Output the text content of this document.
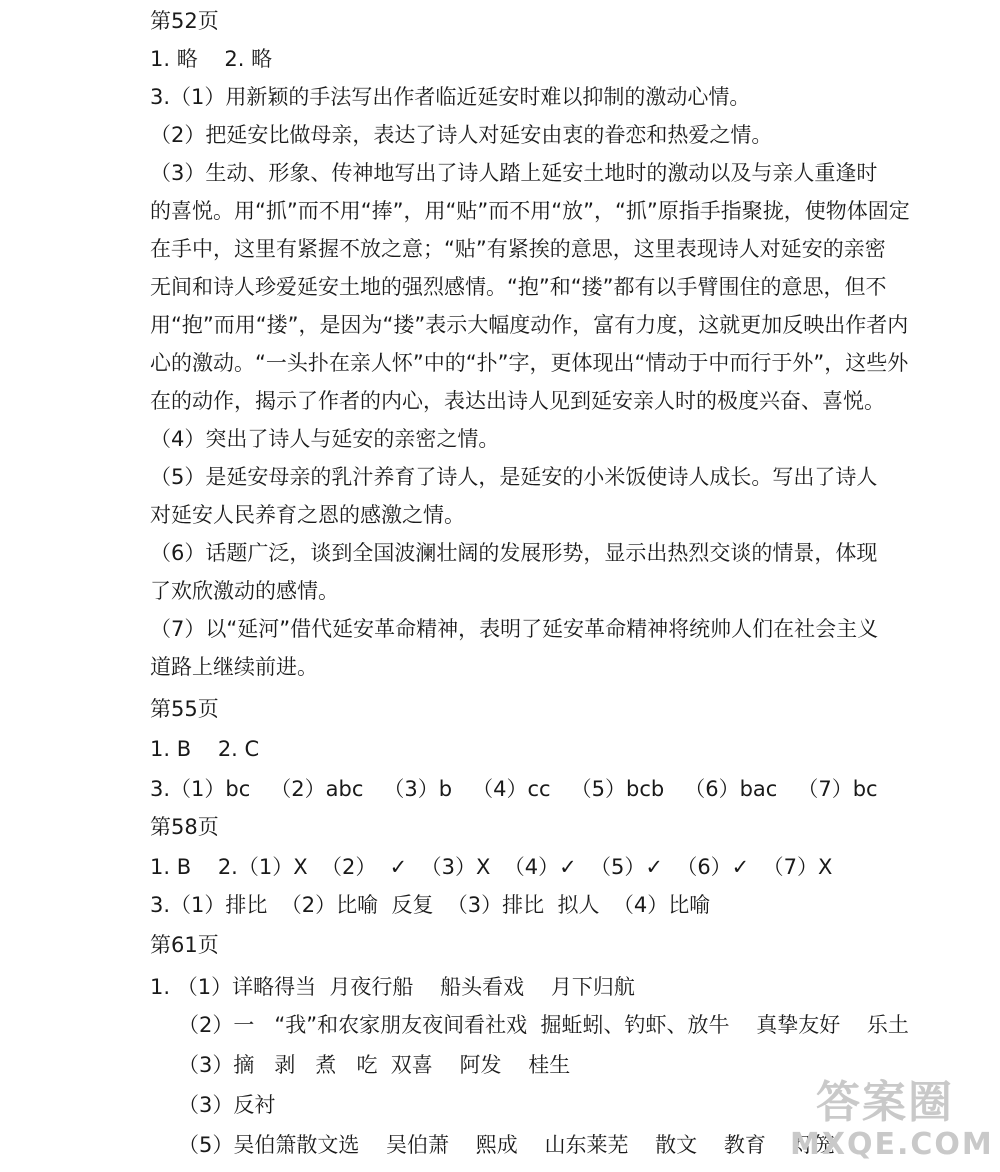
第52页
1. 略    2. 略
3.（1）用新颖的手法写出作者临近延安时难以抑制的激动心情。
（2）把延安比做母亲，表达了诗人对延安由衷的眷恋和热爱之情。
（3）生动、形象、传神地写出了诗人踏上延安土地时的激动以及与亲人重逢时
的喜悦。用“抓”而不用“捧”，用“贴”而不用“放”，“抓”原指手指聚拢，使物体固定
在手中，这里有紧握不放之意；“贴”有紧挨的意思，这里表现诗人对延安的亲密
无间和诗人珍爱延安土地的强烈感情。“抱”和“搂”都有以手臂围住的意思，但不
用“抱”而用“搂”，是因为“搂”表示大幅度动作，富有力度，这就更加反映出作者内
心的激动。“一头扑在亲人怀”中的“扑”字，更体现出“情动于中而行于外”，这些外
在的动作，揭示了作者的内心，表达出诗人见到延安亲人时的极度兴奋、喜悦。
（4）突出了诗人与延安的亲密之情。
（5）是延安母亲的乳汁养育了诗人，是延安的小米饭使诗人成长。写出了诗人
对延安人民养育之恩的感激之情。
（6）话题广泛，谈到全国波澜壮阔的发展形势，显示出热烈交谈的情景，体现
了欢欣激动的感情。
（7）以“延河”借代延安革命精神，表明了延安革命精神将统帅人们在社会主义
道路上继续前进。
第55页
1. B    2. C
3.（1）bc   （2）abc   （3）b   （4）cc   （5）bcb   （6）bac   （7）bc
第58页
1. B    2.（1）X  （2）  ✓  （3）X  （4）✓  （5）✓  （6）✓  （7）X
3.（1）排比  （2）比喻  反复  （3）排比  拟人  （4）比喻
第61页
1. （1）详略得当  月夜行船    船头看戏    月下归航
（2）一   “我”和农家朋友夜间看社戏  掘蚯蚓、钓虾、放牛    真挚友好    乐土
（3）摘   剥   煮   吃  双喜    阿发    桂生
（3）反衬
（5）吴伯箫散文选    吴伯萧    熙成    山东莱芜    散文    教育    灯笼
答案圈
MXQE.COM
